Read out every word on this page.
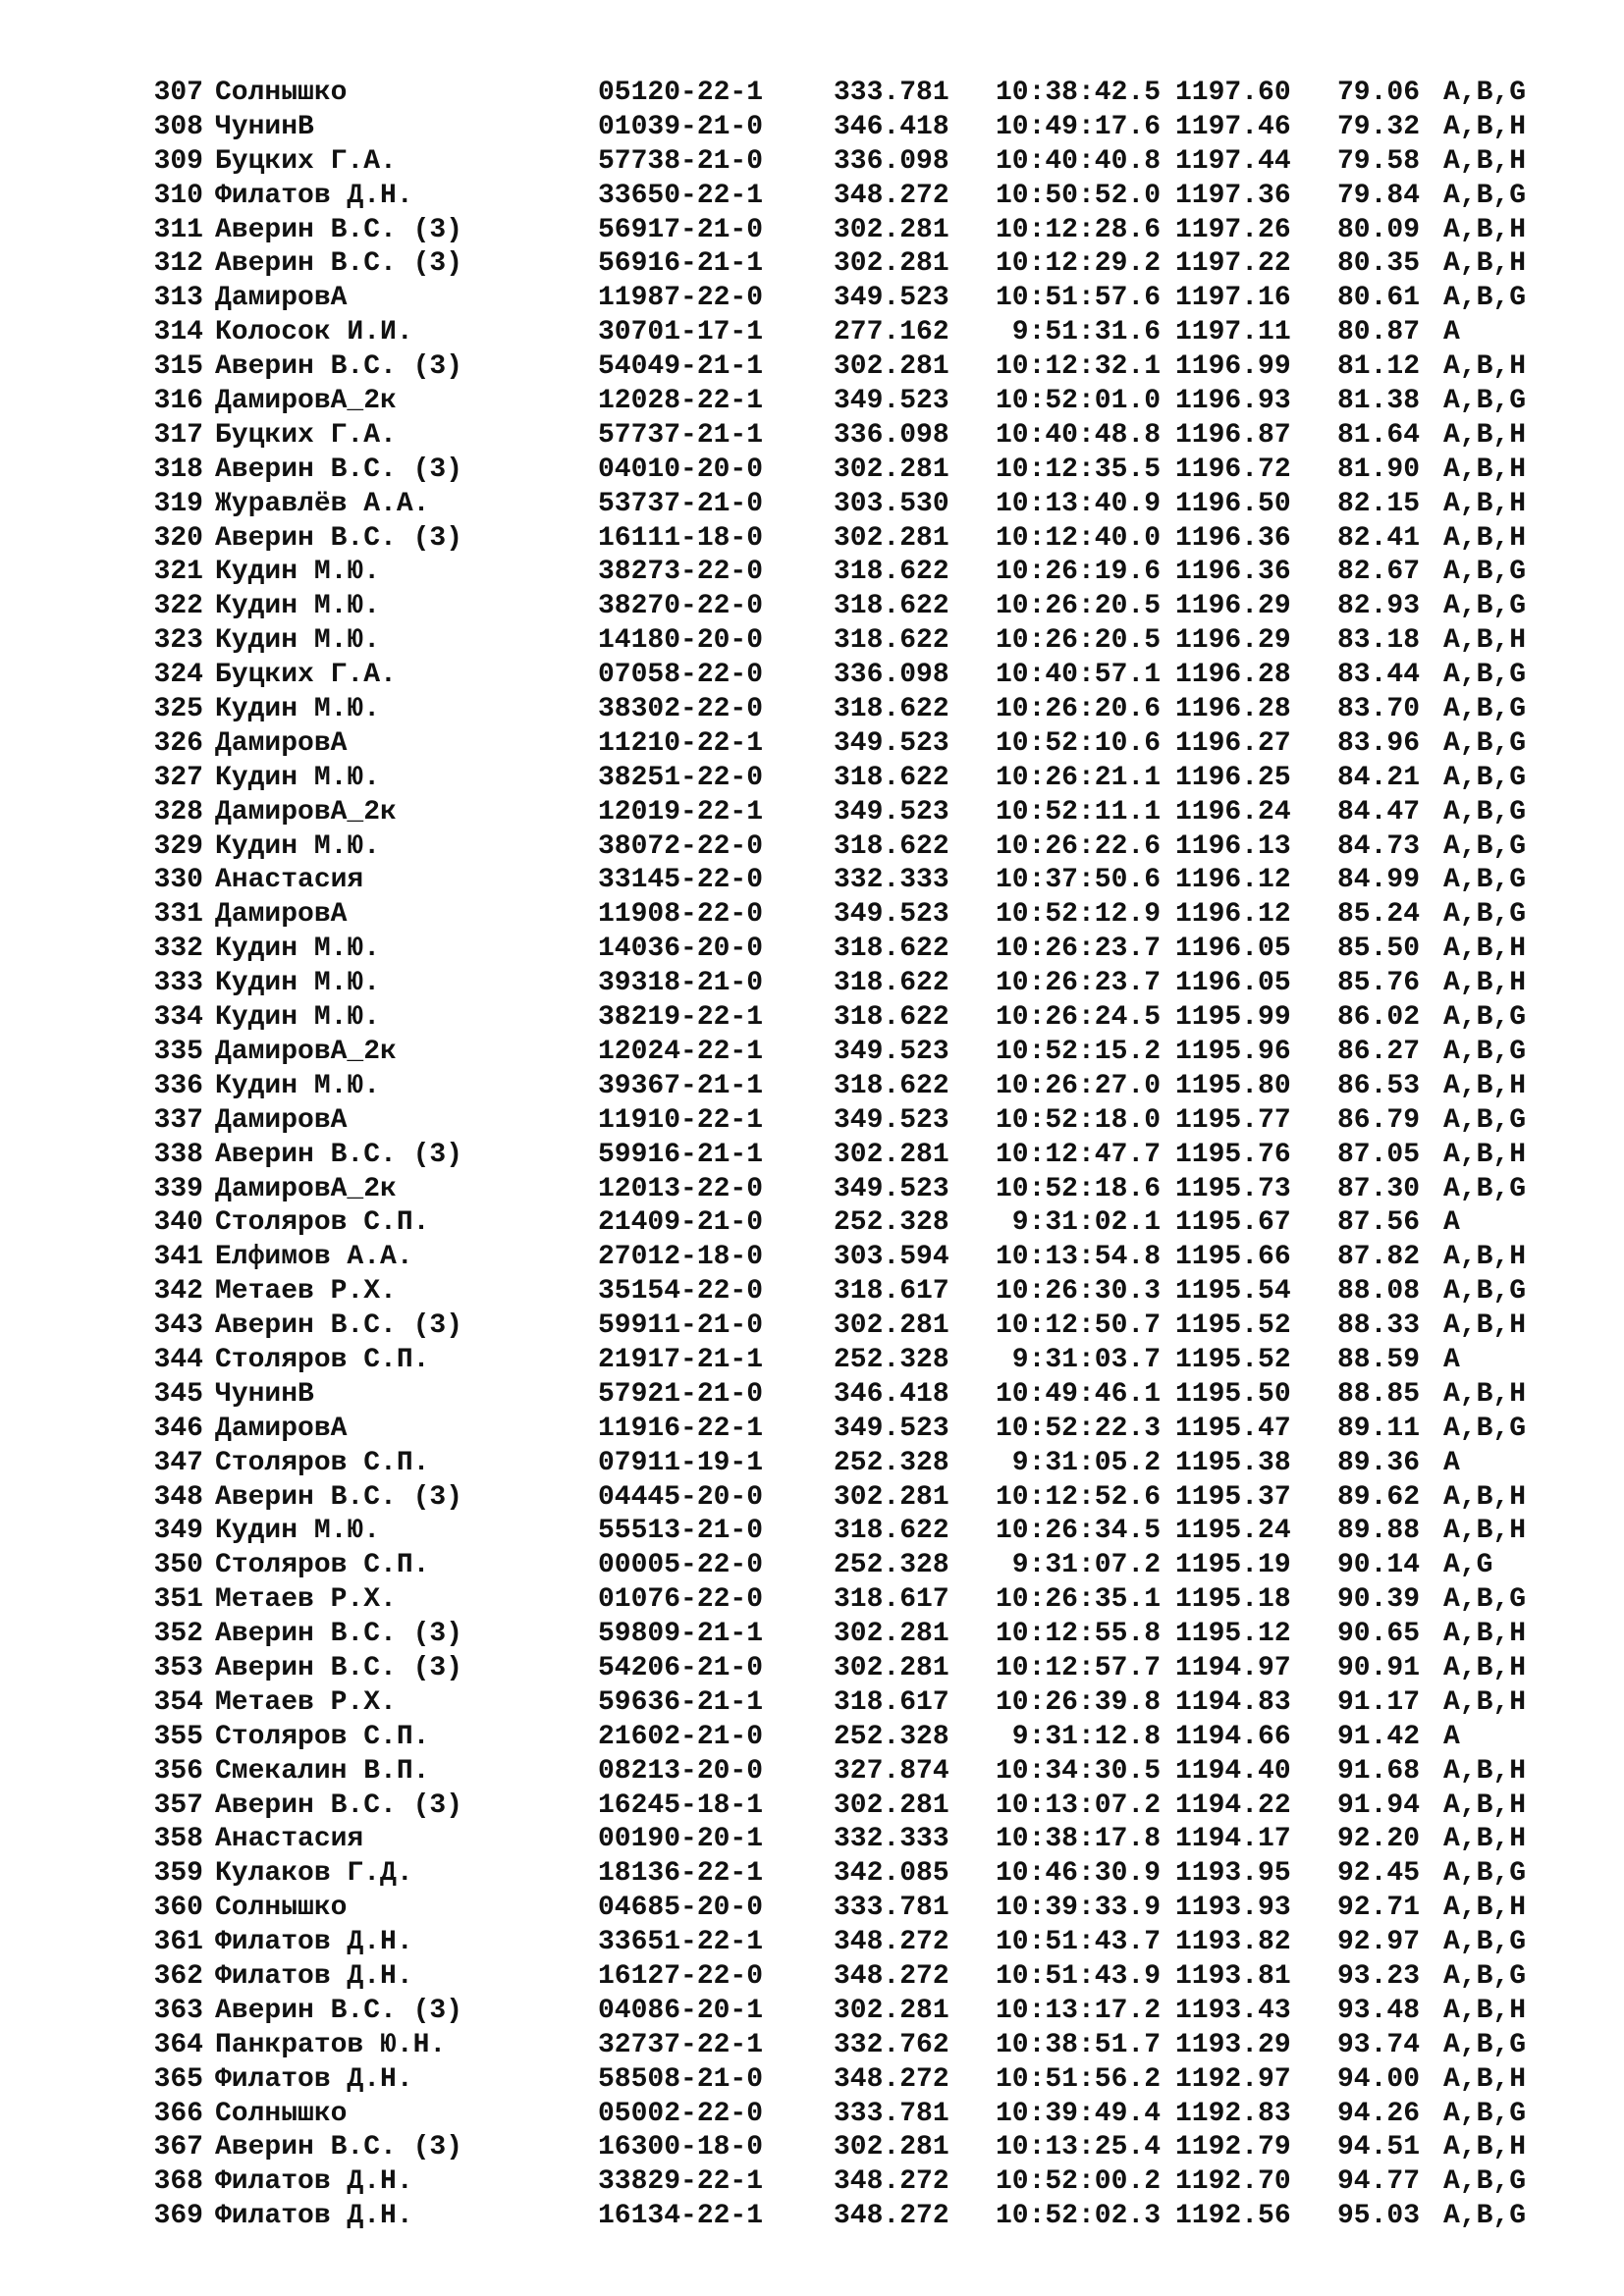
307 Солнышко	05120-22-1	333.781	10:38:42.5 1197.60 79.06 A,B,G
308 ЧунинВ	01039-21-0	346.418	10:49:17.6 1197.46 79.32 A,B,H
309 Буцких Г.А.	57738-21-0	336.098	10:40:40.8 1197.44 79.58 A,B,H
310 Филатов Д.Н.	33650-22-1	348.272	10:50:52.0 1197.36 79.84 A,B,G
311 Аверин В.С. (3)	56917-21-0	302.281	10:12:28.6 1197.26 80.09 A,B,H
312 Аверин В.С. (3)	56916-21-1	302.281	10:12:29.2 1197.22 80.35 A,B,H
313 ДамировА	11987-22-0	349.523	10:51:57.6 1197.16 80.61 A,B,G
314 Колосок И.И.	30701-17-1	277.162	9:51:31.6 1197.11 80.87 A
315 Аверин В.С. (3)	54049-21-1	302.281	10:12:32.1 1196.99 81.12 A,B,H
316 ДамировА_2к	12028-22-1	349.523	10:52:01.0 1196.93 81.38 A,B,G
317 Буцких Г.А.	57737-21-1	336.098	10:40:48.8 1196.87 81.64 A,B,H
318 Аверин В.С. (3)	04010-20-0	302.281	10:12:35.5 1196.72 81.90 A,B,H
319 Журавлёв А.А.	53737-21-0	303.530	10:13:40.9 1196.50 82.15 A,B,H
320 Аверин В.С. (3)	16111-18-0	302.281	10:12:40.0 1196.36 82.41 A,B,H
321 Кудин М.Ю.	38273-22-0	318.622	10:26:19.6 1196.36 82.67 A,B,G
322 Кудин М.Ю.	38270-22-0	318.622	10:26:20.5 1196.29 82.93 A,B,G
323 Кудин М.Ю.	14180-20-0	318.622	10:26:20.5 1196.29 83.18 A,B,H
324 Буцких Г.А.	07058-22-0	336.098	10:40:57.1 1196.28 83.44 A,B,G
325 Кудин М.Ю.	38302-22-0	318.622	10:26:20.6 1196.28 83.70 A,B,G
326 ДамировА	11210-22-1	349.523	10:52:10.6 1196.27 83.96 A,B,G
327 Кудин М.Ю.	38251-22-0	318.622	10:26:21.1 1196.25 84.21 A,B,G
328 ДамировА_2к	12019-22-1	349.523	10:52:11.1 1196.24 84.47 A,B,G
329 Кудин М.Ю.	38072-22-0	318.622	10:26:22.6 1196.13 84.73 A,B,G
330 Анастасия	33145-22-0	332.333	10:37:50.6 1196.12 84.99 A,B,G
331 ДамировА	11908-22-0	349.523	10:52:12.9 1196.12 85.24 A,B,G
332 Кудин М.Ю.	14036-20-0	318.622	10:26:23.7 1196.05 85.50 A,B,H
333 Кудин М.Ю.	39318-21-0	318.622	10:26:23.7 1196.05 85.76 A,B,H
334 Кудин М.Ю.	38219-22-1	318.622	10:26:24.5 1195.99 86.02 A,B,G
335 ДамировА_2к	12024-22-1	349.523	10:52:15.2 1195.96 86.27 A,B,G
336 Кудин М.Ю.	39367-21-1	318.622	10:26:27.0 1195.80 86.53 A,B,H
337 ДамировА	11910-22-1	349.523	10:52:18.0 1195.77 86.79 A,B,G
338 Аверин В.С. (3)	59916-21-1	302.281	10:12:47.7 1195.76 87.05 A,B,H
339 ДамировА_2к	12013-22-0	349.523	10:52:18.6 1195.73 87.30 A,B,G
340 Столяров С.П.	21409-21-0	252.328	9:31:02.1 1195.67 87.56 A
341 Елфимов А.А.	27012-18-0	303.594	10:13:54.8 1195.66 87.82 A,B,H
342 Метаев Р.Х.	35154-22-0	318.617	10:26:30.3 1195.54 88.08 A,B,G
343 Аверин В.С. (3)	59911-21-0	302.281	10:12:50.7 1195.52 88.33 A,B,H
344 Столяров С.П.	21917-21-1	252.328	9:31:03.7 1195.52 88.59 A
345 ЧунинВ	57921-21-0	346.418	10:49:46.1 1195.50 88.85 A,B,H
346 ДамировА	11916-22-1	349.523	10:52:22.3 1195.47 89.11 A,B,G
347 Столяров С.П.	07911-19-1	252.328	9:31:05.2 1195.38 89.36 A
348 Аверин В.С. (3)	04445-20-0	302.281	10:12:52.6 1195.37 89.62 A,B,H
349 Кудин М.Ю.	55513-21-0	318.622	10:26:34.5 1195.24 89.88 A,B,H
350 Столяров С.П.	00005-22-0	252.328	9:31:07.2 1195.19 90.14 A,G
351 Метаев Р.Х.	01076-22-0	318.617	10:26:35.1 1195.18 90.39 A,B,G
352 Аверин В.С. (3)	59809-21-1	302.281	10:12:55.8 1195.12 90.65 A,B,H
353 Аверин В.С. (3)	54206-21-0	302.281	10:12:57.7 1194.97 90.91 A,B,H
354 Метаев Р.Х.	59636-21-1	318.617	10:26:39.8 1194.83 91.17 A,B,H
355 Столяров С.П.	21602-21-0	252.328	9:31:12.8 1194.66 91.42 A
356 Смекалин В.П.	08213-20-0	327.874	10:34:30.5 1194.40 91.68 A,B,H
357 Аверин В.С. (3)	16245-18-1	302.281	10:13:07.2 1194.22 91.94 A,B,H
358 Анастасия	00190-20-1	332.333	10:38:17.8 1194.17 92.20 A,B,H
359 Кулаков Г.Д.	18136-22-1	342.085	10:46:30.9 1193.95 92.45 A,B,G
360 Солнышко	04685-20-0	333.781	10:39:33.9 1193.93 92.71 A,B,H
361 Филатов Д.Н.	33651-22-1	348.272	10:51:43.7 1193.82 92.97 A,B,G
362 Филатов Д.Н.	16127-22-0	348.272	10:51:43.9 1193.81 93.23 A,B,G
363 Аверин В.С. (3)	04086-20-1	302.281	10:13:17.2 1193.43 93.48 A,B,H
364 Панкратов Ю.Н.	32737-22-1	332.762	10:38:51.7 1193.29 93.74 A,B,G
365 Филатов Д.Н.	58508-21-0	348.272	10:51:56.2 1192.97 94.00 A,B,H
366 Солнышко	05002-22-0	333.781	10:39:49.4 1192.83 94.26 A,B,G
367 Аверин В.С. (3)	16300-18-0	302.281	10:13:25.4 1192.79 94.51 A,B,H
368 Филатов Д.Н.	33829-22-1	348.272	10:52:00.2 1192.70 94.77 A,B,G
369 Филатов Д.Н.	16134-22-1	348.272	10:52:02.3 1192.56 95.03 A,B,G
